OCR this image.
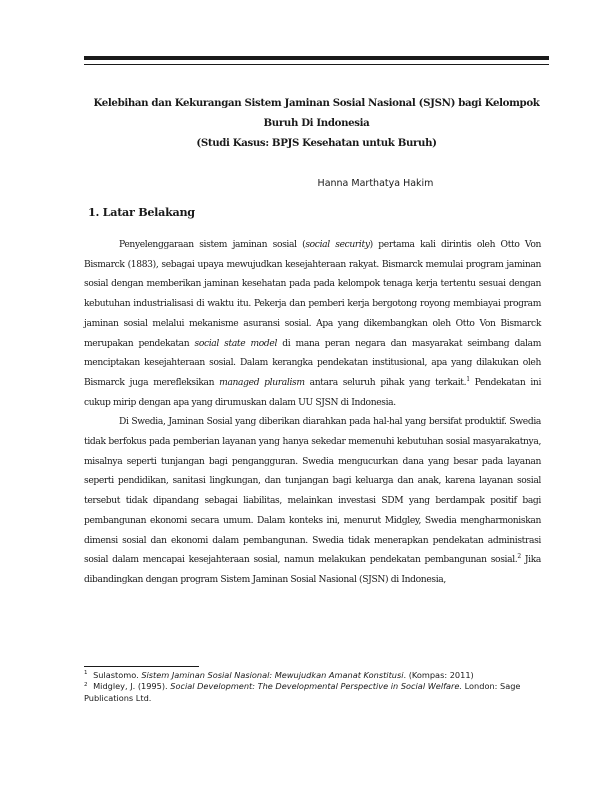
Kelebihan dan Kekurangan Sistem Jaminan Sosial Nasional (SJSN) bagi Kelompok
Buruh Di Indonesia
(Studi Kasus: BPJS Kesehatan untuk Buruh)
Hanna Marthatya Hakim
1. Latar Belakang

Penyelenggaraan sistem jaminan sosial (social security) pertama kali dirintis oleh Otto Von Bismarck (1883), sebagai upaya mewujudkan kesejahteraan rakyat. Bismarck memulai program jaminan sosial dengan memberikan jaminan kesehatan pada pada kelompok tenaga kerja tertentu sesuai dengan kebutuhan industrialisasi di waktu itu. Pekerja dan pemberi kerja bergotong royong membiayai program jaminan sosial melalui mekanisme asuransi sosial. Apa yang dikembangkan oleh Otto Von Bismarck merupakan pendekatan social state model di mana peran negara dan masyarakat seimbang dalam menciptakan kesejahteraan sosial. Dalam kerangka pendekatan institusional, apa yang dilakukan oleh Bismarck juga merefleksikan managed pluralism antara seluruh pihak yang terkait.$^1$ Pendekatan ini cukup mirip dengan apa yang dirumuskan dalam UU SJSN di Indonesia.

Di Swedia, Jaminan Sosial yang diberikan diarahkan pada hal-hal yang bersifat produktif. Swedia tidak berfokus pada pemberian layanan yang hanya sekedar memenuhi kebutuhan sosial masyarakatnya, misalnya seperti tunjangan bagi pengangguran. Swedia mengucurkan dana yang besar pada layanan seperti pendidikan, sanitasi lingkungan, dan tunjangan bagi keluarga dan anak, karena layanan sosial tersebut tidak dipandang sebagai liabilitas, melainkan investasi SDM yang berdampak positif bagi pembangunan ekonomi secara umum. Dalam konteks ini, menurut Midgley, Swedia mengharmoniskan dimensi sosial dan ekonomi dalam pembangunan. Swedia tidak menerapkan pendekatan administrasi sosial dalam mencapai kesejahteraan sosial, namun melakukan pendekatan pembangunan sosial.$^2$ Jika dibandingkan dengan program Sistem Jaminan Sosial Nasional (SJSN) di Indonesia,

$^1$ Sulastomo. Sistem Jaminan Sosial Nasional: Mewujudkan Amanat Konstitusi. (Kompas: 2011)
$^2$ Midgley, J. (1995). Social Development: The Developmental Perspective in Social Welfare. London: Sage Publications Ltd.
